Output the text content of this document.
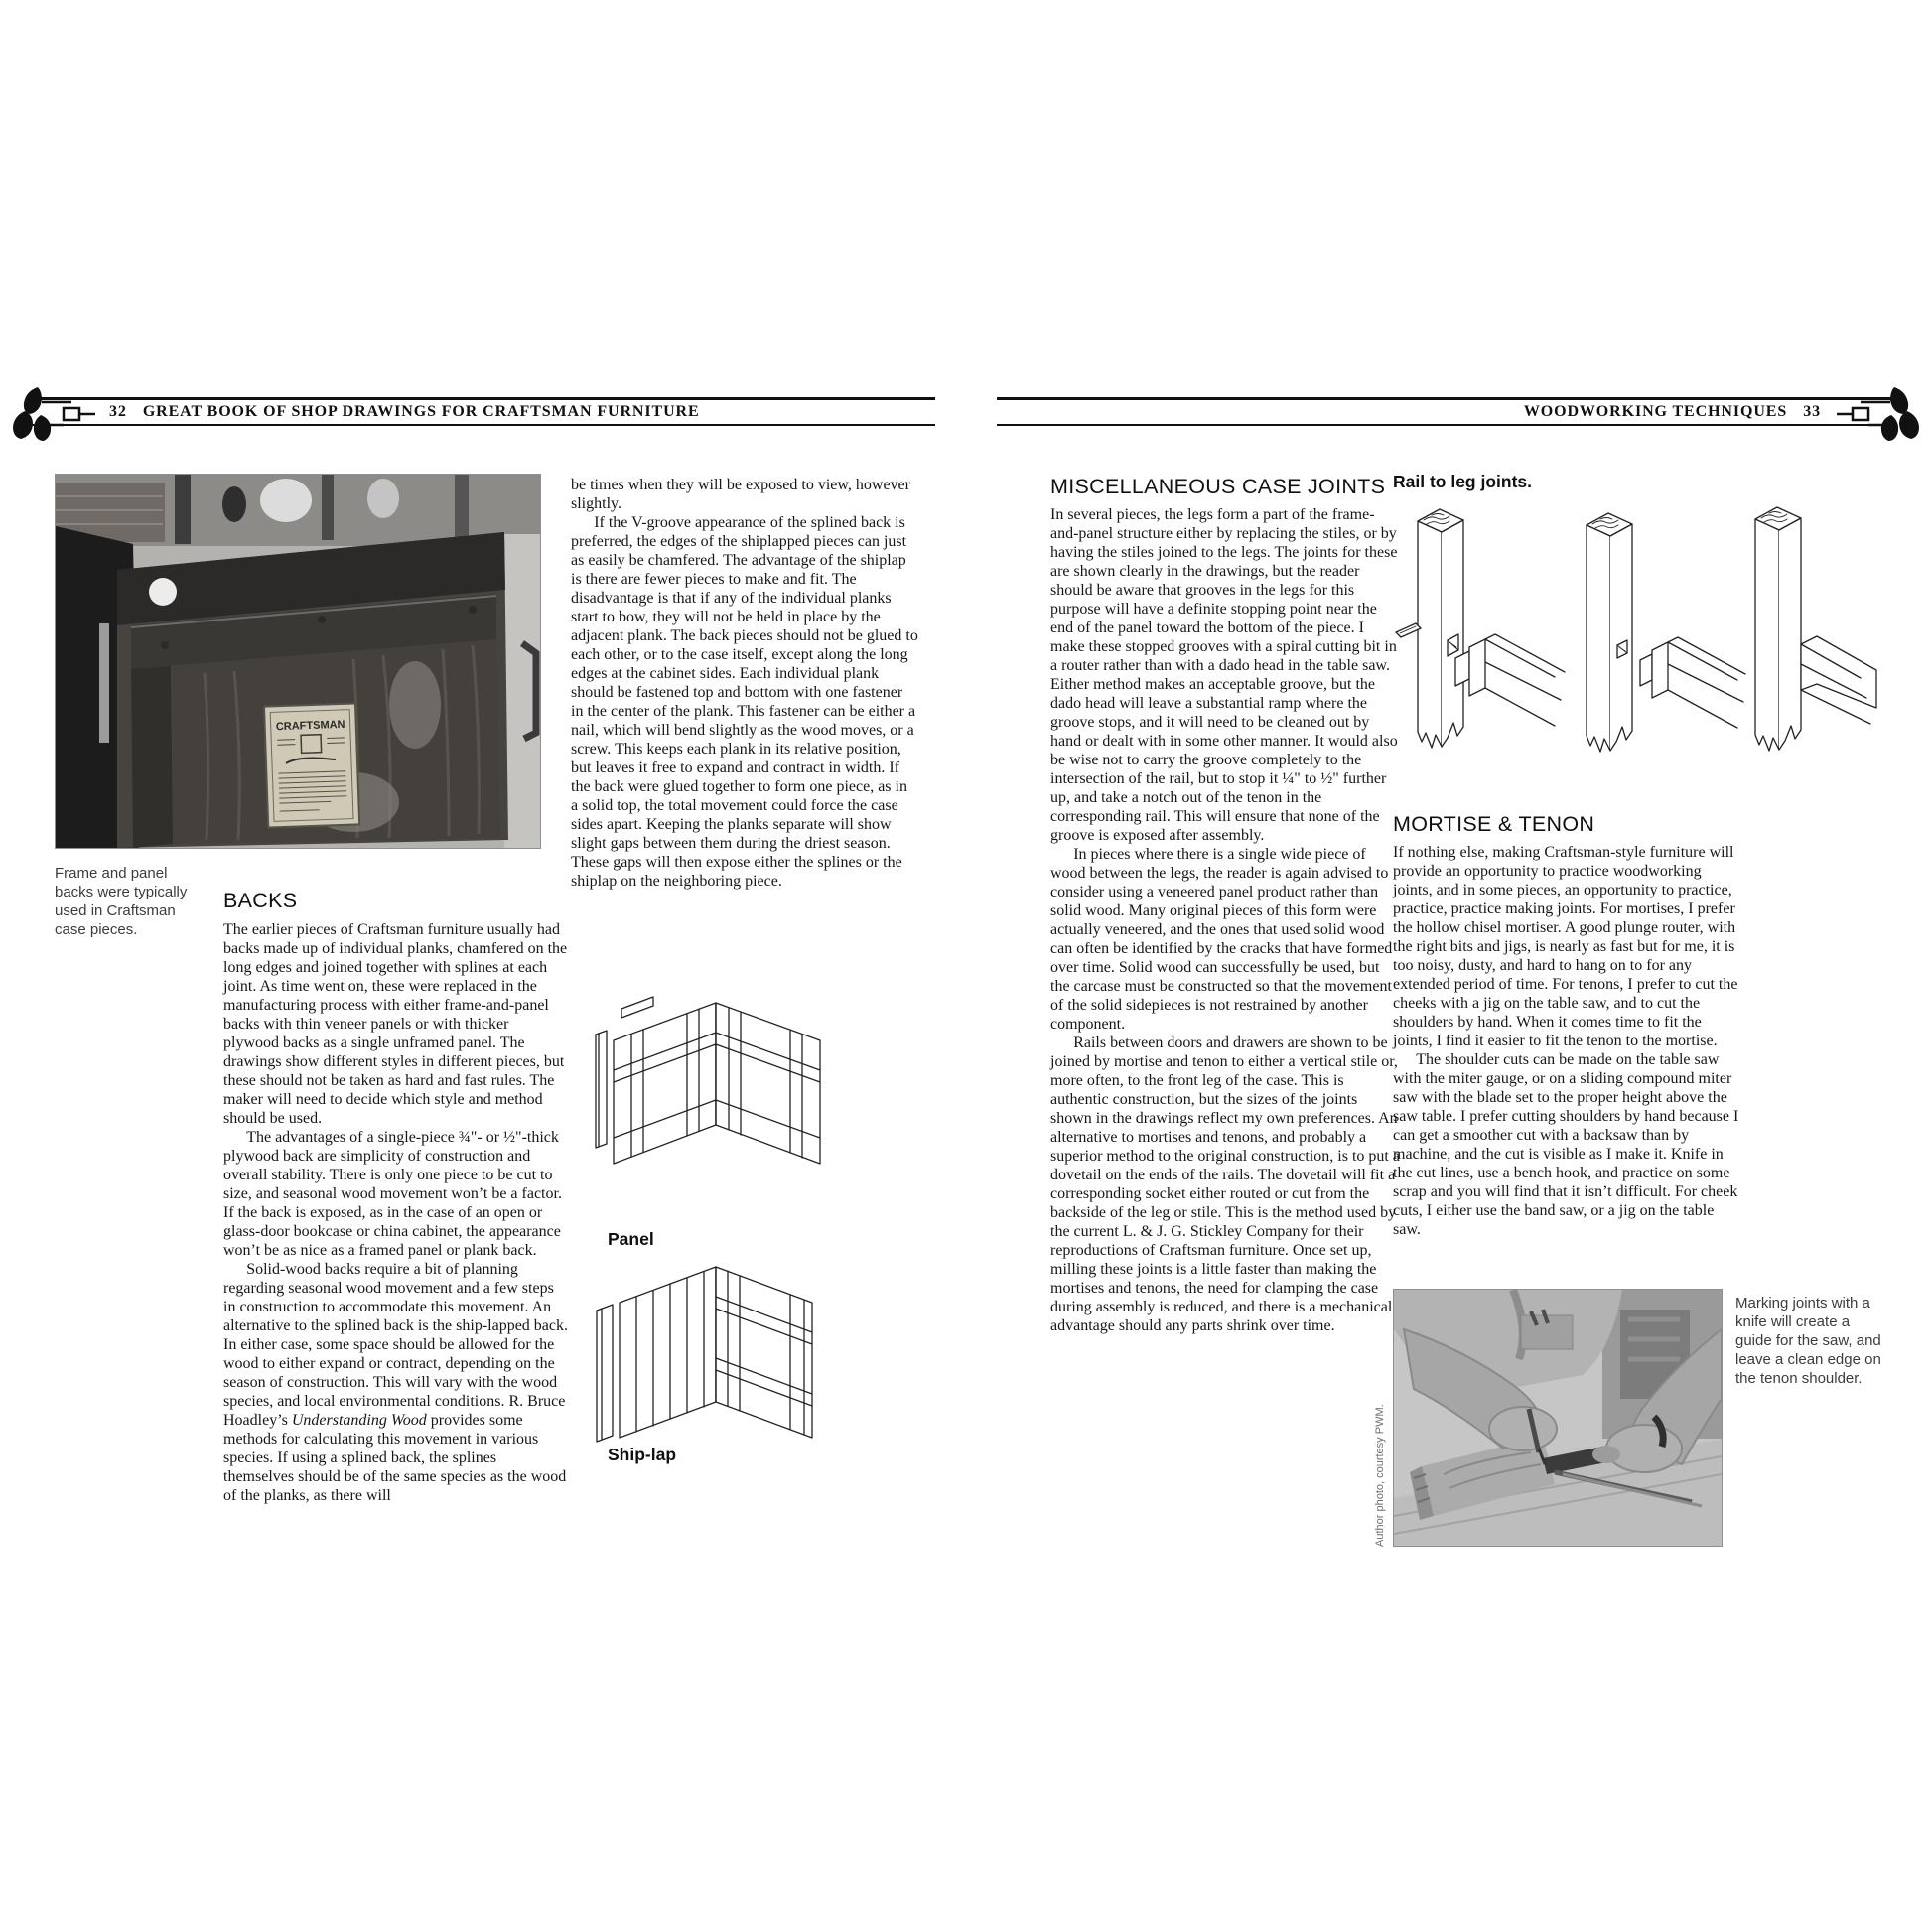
32 GREAT BOOK OF SHOP DRAWINGS FOR CRAFTSMAN FURNITURE	WOODWORKING TECHNIQUES 33
CRAFTSMAN
Frame and panel backs were typically used in Craftsman case pieces.
BACKS

The earlier pieces of Craftsman furniture usually had backs made up of individual planks, chamfered on the long edges and joined together with splines at each joint. As time went on, these were replaced in the manufacturing process with either frame-and-panel backs with thin veneer panels or with thicker plywood backs as a single unframed panel. The drawings show different styles in different pieces, but these should not be taken as hard and fast rules. The maker will need to decide which style and method should be used.

The advantages of a single-piece ¾"- or ½"-thick plywood back are simplicity of construction and overall stability. There is only one piece to be cut to size, and seasonal wood movement won’t be a factor. If the back is exposed, as in the case of an open or glass-door bookcase or china cabinet, the appearance won’t be as nice as a framed panel or plank back.

Solid-wood backs require a bit of planning regarding seasonal wood movement and a few steps in construction to accommodate this movement. An alternative to the splined back is the ship-lapped back. In either case, some space should be allowed for the wood to either expand or contract, depending on the season of construction. This will vary with the wood species, and local environmental conditions. R. Bruce Hoadley’s Understanding Wood provides some methods for calculating this movement in various species. If using a splined back, the splines themselves should be of the same species as the wood of the planks, as there will

be times when they will be exposed to view, however slightly.

If the V-groove appearance of the splined back is preferred, the edges of the shiplapped pieces can just as easily be chamfered. The advantage of the shiplap is there are fewer pieces to make and fit. The disadvantage is that if any of the individual planks start to bow, they will not be held in place by the adjacent plank. The back pieces should not be glued to each other, or to the case itself, except along the long edges at the cabinet sides. Each individual plank should be fastened top and bottom with one fastener in the center of the plank. This fastener can be either a nail, which will bend slightly as the wood moves, or a screw. This keeps each plank in its relative position, but leaves it free to expand and contract in width. If the back were glued together to form one piece, as in a solid top, the total movement could force the case sides apart. Keeping the planks separate will show slight gaps between them during the driest season. These gaps will then expose either the splines or the shiplap on the neighboring piece.

Panel
Ship-lap
MISCELLANEOUS CASE JOINTS

In several pieces, the legs form a part of the frame-and-panel structure either by replacing the stiles, or by having the stiles joined to the legs. The joints for these are shown clearly in the drawings, but the reader should be aware that grooves in the legs for this purpose will have a definite stopping point near the end of the panel toward the bottom of the piece. I make these stopped grooves with a spiral cutting bit in a router rather than with a dado head in the table saw. Either method makes an acceptable groove, but the dado head will leave a substantial ramp where the groove stops, and it will need to be cleaned out by hand or dealt with in some other manner. It would also be wise not to carry the groove completely to the intersection of the rail, but to stop it ¼" to ½" further up, and take a notch out of the tenon in the corresponding rail. This will ensure that none of the groove is exposed after assembly.

In pieces where there is a single wide piece of wood between the legs, the reader is again advised to consider using a veneered panel product rather than solid wood. Many original pieces of this form were actually veneered, and the ones that used solid wood can often be identified by the cracks that have formed over time. Solid wood can successfully be used, but the carcase must be constructed so that the movement of the solid sidepieces is not restrained by another component.

Rails between doors and drawers are shown to be joined by mortise and tenon to either a vertical stile or, more often, to the front leg of the case. This is authentic construction, but the sizes of the joints shown in the drawings reflect my own preferences. An alternative to mortises and tenons, and probably a superior method to the original construction, is to put a dovetail on the ends of the rails. The dovetail will fit a corresponding socket either routed or cut from the backside of the leg or stile. This is the method used by the current L. & J. G. Stickley Company for their reproductions of Craftsman furniture. Once set up, milling these joints is a little faster than making the mortises and tenons, the need for clamping the case during assembly is reduced, and there is a mechanical advantage should any parts shrink over time.

Rail to leg joints.
MORTISE & TENON

If nothing else, making Craftsman-style furniture will provide an opportunity to practice woodworking joints, and in some pieces, an opportunity to practice, practice, practice making joints. For mortises, I prefer the hollow chisel mortiser. A good plunge router, with the right bits and jigs, is nearly as fast but for me, it is too noisy, dusty, and hard to hang on to for any extended period of time. For tenons, I prefer to cut the cheeks with a jig on the table saw, and to cut the shoulders by hand. When it comes time to fit the joints, I find it easier to fit the tenon to the mortise.

The shoulder cuts can be made on the table saw with the miter gauge, or on a sliding compound miter saw with the blade set to the proper height above the saw table. I prefer cutting shoulders by hand because I can get a smoother cut with a backsaw than by machine, and the cut is visible as I make it. Knife in the cut lines, use a bench hook, and practice on some scrap and you will find that it isn’t difficult. For cheek cuts, I either use the band saw, or a jig on the table saw.

Author photo, courtesy PWM.
Marking joints with a knife will create a guide for the saw, and leave a clean edge on the tenon shoulder.
